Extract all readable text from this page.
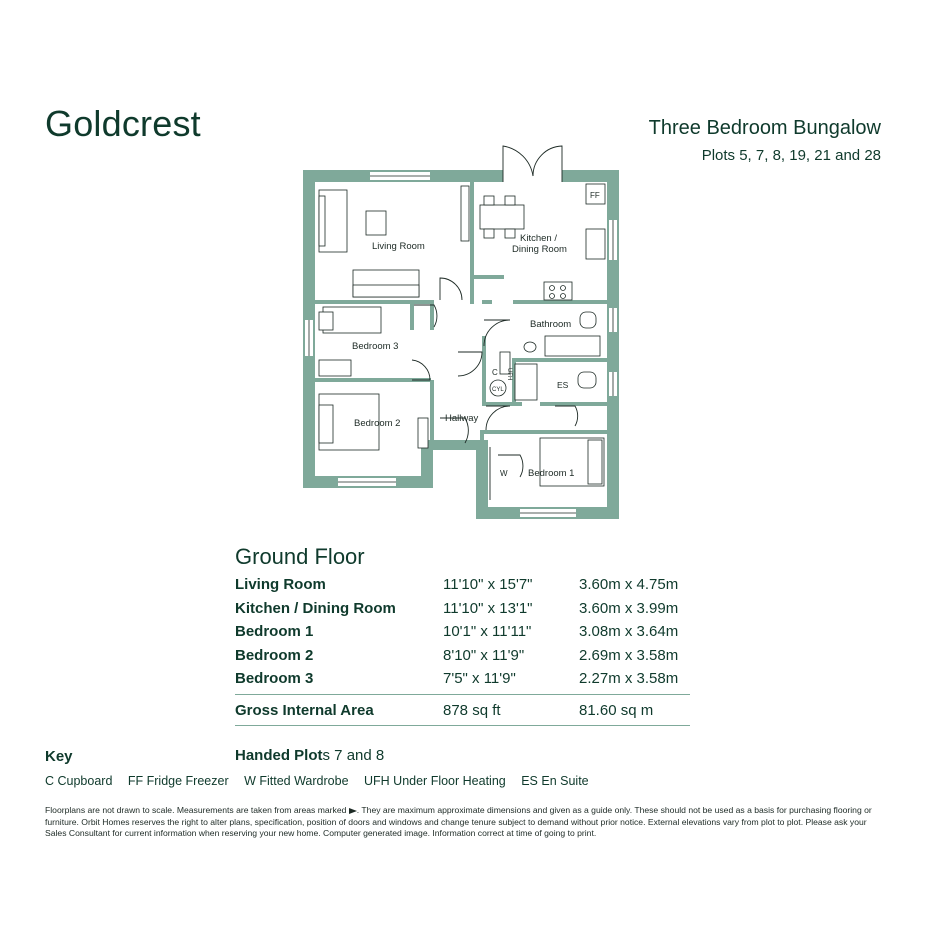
Goldcrest	Three Bedroom Bungalow
Plots 5, 7, 8, 19, 21 and 28
Living Room
Kitchen /
Dining Room
Bathroom
Bedroom 3
Bedroom 2
Bedroom 1
Hallway
FF
C
CYL
UFH
ES
W
Ground Floor
Living Room	11'10" x 15'7"	3.60m x 4.75m
Kitchen / Dining Room	11'10" x 13'1"	3.60m x 3.99m
Bedroom 1	10'1" x 11'11"	3.08m x 3.64m
Bedroom 2	8'10" x 11'9"	2.69m x 3.58m
Bedroom 3	7'5" x 11'9"	2.27m x 3.58m
Gross Internal Area	878 sq ft	81.60 sq m
Key	Handed Plots 7 and 8
C Cupboard FF Fridge Freezer W Fitted Wardrobe UFH Under Floor Heating ES En Suite
Floorplans are not drawn to scale. Measurements are taken from areas marked . They are maximum approximate dimensions and given as a guide only. These should not be used as a basis for purchasing flooring or furniture. Orbit Homes reserves the right to alter plans, specification, position of doors and windows and change tenure subject to demand without prior notice. External elevations vary from plot to plot. Please ask your Sales Consultant for current information when reserving your new home. Computer generated image. Information correct at time of going to print.
